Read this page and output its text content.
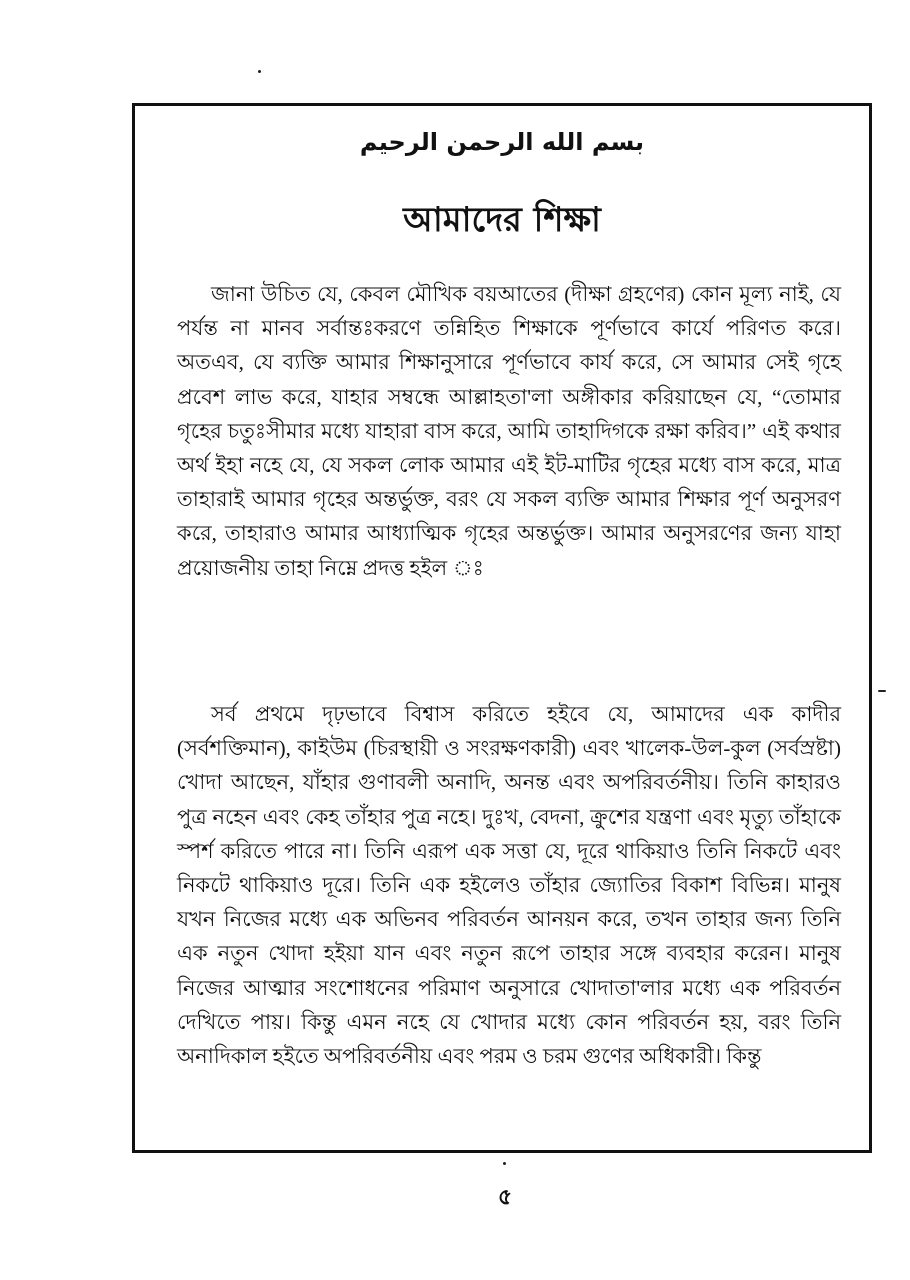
بسم الله الرحمن الرحيم
আমাদের শিক্ষা

জানা উচিত যে, কেবল মৌখিক বয়আতের (দীক্ষা গ্রহণের) কোন মূল্য নাই, যে পর্যন্ত না মানব সর্বান্তঃকরণে তন্নিহিত শিক্ষাকে পূর্ণভাবে কার্যে পরিণত করে। অতএব, যে ব্যক্তি আমার শিক্ষানুসারে পূর্ণভাবে কার্য করে, সে আমার সেই গৃহে প্রবেশ লাভ করে, যাহার সম্বন্ধে আল্লাহতা'লা অঙ্গীকার করিয়াছেন যে, “তোমার গৃহের চতুঃসীমার মধ্যে যাহারা বাস করে, আমি তাহাদিগকে রক্ষা করিব।” এই কথার অর্থ ইহা নহে যে, যে সকল লোক আমার এই ইট-মাটির গৃহের মধ্যে বাস করে, মাত্র তাহারাই আমার গৃহের অন্তর্ভুক্ত, বরং যে সকল ব্যক্তি আমার শিক্ষার পূর্ণ অনুসরণ করে, তাহারাও আমার আধ্যাত্মিক গৃহের অন্তর্ভুক্ত। আমার অনুসরণের জন্য যাহা প্রয়োজনীয় তাহা নিম্নে প্রদত্ত হইল ঃ

সর্ব প্রথমে দৃঢ়ভাবে বিশ্বাস করিতে হইবে যে, আমাদের এক কাদীর (সর্বশক্তিমান), কাইউম (চিরস্থায়ী ও সংরক্ষণকারী) এবং খালেক-উল-কুল (সর্বস্রষ্টা) খোদা আছেন, যাঁহার গুণাবলী অনাদি, অনন্ত এবং অপরিবর্তনীয়। তিনি কাহারও পুত্র নহেন এবং কেহ তাঁহার পুত্র নহে। দুঃখ, বেদনা, ক্রুশের যন্ত্রণা এবং মৃত্যু তাঁহাকে স্পর্শ করিতে পারে না। তিনি এরূপ এক সত্তা যে, দূরে থাকিয়াও তিনি নিকটে এবং নিকটে থাকিয়াও দূরে। তিনি এক হইলেও তাঁহার জ্যোতির বিকাশ বিভিন্ন। মানুষ যখন নিজের মধ্যে এক অভিনব পরিবর্তন আনয়ন করে, তখন তাহার জন্য তিনি এক নতুন খোদা হইয়া যান এবং নতুন রূপে তাহার সঙ্গে ব্যবহার করেন। মানুষ নিজের আত্মার সংশোধনের পরিমাণ অনুসারে খোদাতা'লার মধ্যে এক পরিবর্তন দেখিতে পায়। কিন্তু এমন নহে যে খোদার মধ্যে কোন পরিবর্তন হয়, বরং তিনি অনাদিকাল হইতে অপরিবর্তনীয় এবং পরম ও চরম গুণের অধিকারী। কিন্তু

৫
